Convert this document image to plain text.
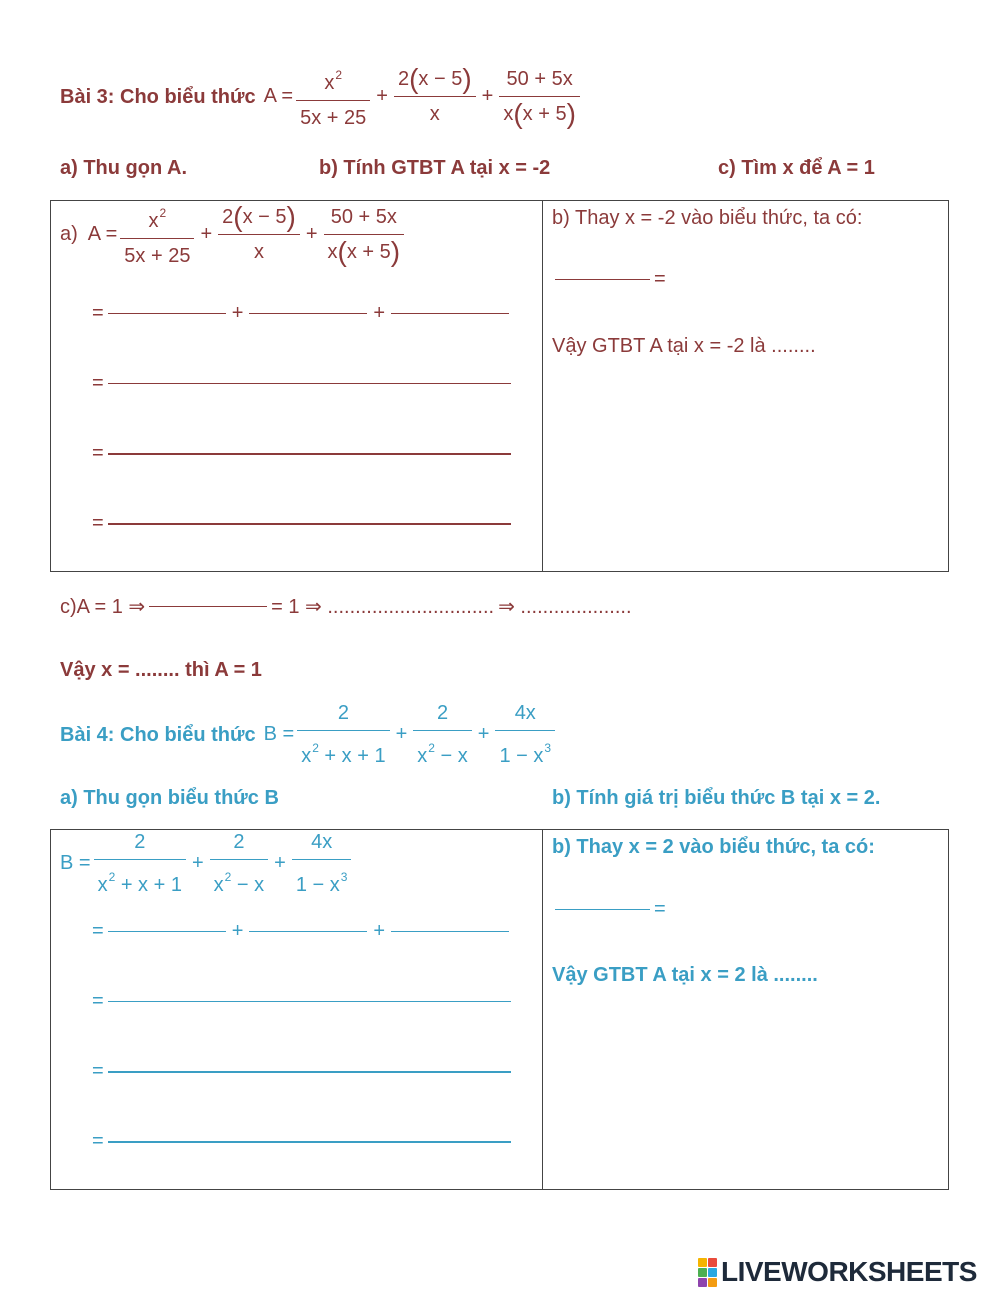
Bài 3: Cho biểu thức $A = \frac{x^2}{5x + 25} + \frac{2(x - 5)}{x} + \frac{50 + 5x}{x(x + 5)}$
a) Thu gọn A.	b) Tính GTBT A tại x = -2	c) Tìm x để A = 1
a) $A = \frac{x^2}{5x + 25} + \frac{2(x - 5)}{x} + \frac{50 + 5x}{x(x + 5)}$
=	+	+
=
=
=
b) Thay x = -2 vào biểu thức, ta có:
=
Vậy GTBT A tại x = -2 là ........
c)A = 1 ⇒	= 1 ⇒ .............................. ⇒ ....................
Vậy x = ........ thì A = 1
Bài 4: Cho biểu thức $B = \frac{2}{x^2 + x + 1} + \frac{2}{x^2 - x} + \frac{4x}{1 - x^3}$
a) Thu gọn biểu thức B	b) Tính giá trị biểu thức B tại x = 2.
$B = \frac{2}{x^2 + x + 1} + \frac{2}{x^2 - x} + \frac{4x}{1 - x^3}$
=	+	+
=
=
=
b) Thay x = 2 vào biểu thức, ta có:
=
Vậy GTBT A tại x = 2 là ........
LIVEWORKSHEETS
